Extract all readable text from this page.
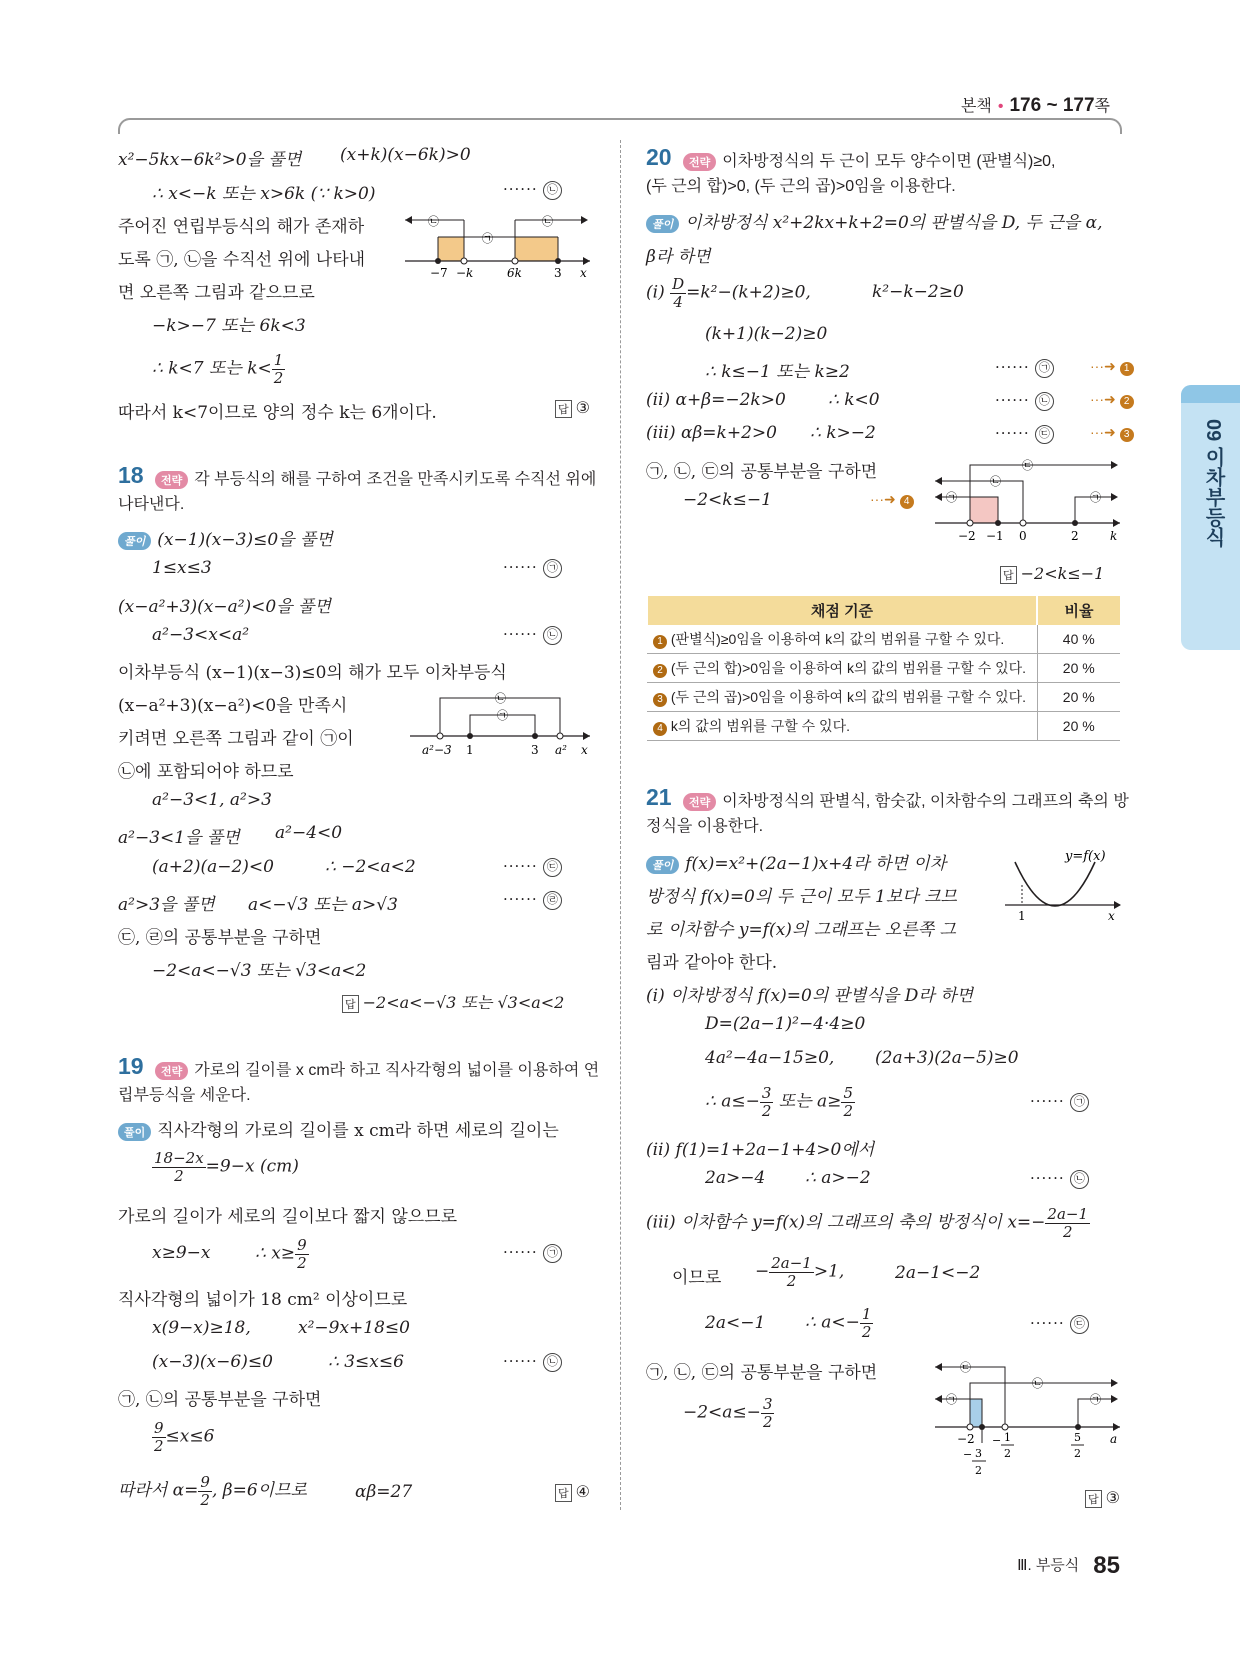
본책 • 176 ~ 177쪽
09 이차부등식
x²−5kx−6k²>0을 풀면 (x+k)(x−6k)>0
∴ x<−k 또는 x>6k (∵ k>0)	······ ㉡
주어진 연립부등식의 해가 존재하
도록 ㉠, ㉡을 수직선 위에 나타내
면 오른쪽 그림과 같으므로
−k>−7 또는 6k<3
∴ k<7 또는 $k< \frac{1}{2}$
따라서 k<7이므로 양의 정수 k는 6개이다.	답 ③
−7 −k	6k	3 x
㉡
㉠
㉡
18	전략 각 부등식의 해를 구하여 조건을 만족시키도록 수직선 위에
나타낸다.
풀이 (x−1)(x−3)≤0을 풀면
1≤x≤3	······ ㉠
(x−a²+3)(x−a²)<0을 풀면
a²−3<x<a²	······ ㉡
이차부등식 (x−1)(x−3)≤0의 해가 모두 이차부등식
(x−a²+3)(x−a²)<0을 만족시
키려면 오른쪽 그림과 같이 ㉠이
㉡에 포함되어야 하므로
a²−3<1, a²>3
a²−3<1을 풀면 a²−4<0
(a+2)(a−2)<0	∴ −2<a<2	······ ㉢
a²>3을 풀면 a<−√3 또는 a>√3	······ ㉣
㉢, ㉣의 공통부분을 구하면
−2<a<−√3 또는 √3<a<2
답 −2<a<−√3 또는 √3<a<2
a²−3 1	3 a² x
㉡
㉠
19	전략 가로의 길이를 x cm라 하고 직사각형의 넓이를 이용하여 연
립부등식을 세운다.
풀이 직사각형의 가로의 길이를 x cm라 하면 세로의 길이는
$\frac{18-2x}{2} =9-x$ (cm)
가로의 길이가 세로의 길이보다 짧지 않으므로
x≥9−x	∴ $x\ge \frac{9}{2}$	······ ㉠
직사각형의 넓이가 18 cm² 이상이므로
x(9−x)≥18,	x²−9x+18≤0
(x−3)(x−6)≤0	∴ 3≤x≤6	······ ㉡
㉠, ㉡의 공통부분을 구하면
$\frac{9}{2} \le x\le 6$
따라서 $\alpha= \frac{9}{2}$ , β=6이므로	αβ=27	답 ④
20	전략 이차방정식의 두 근이 모두 양수이면 (판별식)≥0,
(두 근의 합)>0, (두 근의 곱)>0임을 이용한다.
풀이 이차방정식 x²+2kx+k+2=0의 판별식을 D, 두 근을 α,
β라 하면
(ⅰ) $\frac{D}{4} =k^2-(k+2)\ge 0$,	k²−k−2≥0
(k+1)(k−2)≥0
∴ k≤−1 또는 k≥2	······ ㉠	···➜ 1
(ⅱ) α+β=−2k>0 ∴ k<0	······ ㉡	···➜ 2
(ⅲ) αβ=k+2>0 ∴ k>−2	······ ㉢	···➜ 3
㉠, ㉡, ㉢의 공통부분을 구하면
−2<k≤−1	···➜ 4
답 −2<k≤−1
−2 −1 0	2	k
㉢
㉡
㉠	㉠
채점 기준	비율
1 (판별식)≥0임을 이용하여 k의 값의 범위를 구할 수 있다.	40 %
2 (두 근의 합)>0임을 이용하여 k의 값의 범위를 구할 수 있다.	20 %
3 (두 근의 곱)>0임을 이용하여 k의 값의 범위를 구할 수 있다.	20 %
4 k의 값의 범위를 구할 수 있다.	20 %
21	전략 이차방정식의 판별식, 함숫값, 이차함수의 그래프의 축의 방
정식을 이용한다.
풀이 f(x)=x²+(2a−1)x+4라 하면 이차
방정식 f(x)=0의 두 근이 모두 1보다 크므
로 이차함수 y=f(x)의 그래프는 오른쪽 그
림과 같아야 한다.
(ⅰ) 이차방정식 f(x)=0의 판별식을 D라 하면
D=(2a−1)²−4·4≥0
4a²−4a−15≥0, (2a+3)(2a−5)≥0
∴ $a\le- \frac{3}{2}$ 또는 $a\ge \frac{5}{2}$	······ ㉠
(ⅱ) f(1)=1+2a−1+4>0에서
2a>−4 ∴ a>−2	······ ㉡
(ⅲ) 이차함수 y=f(x)의 그래프의 축의 방정식이 $x=- \frac{2a-1}{2}$
이므로 − $\frac{2a-1}{2} >1$,	2a−1<−2
2a<−1 ∴ $a<- \frac{1}{2}$	······ ㉢
㉠, ㉡, ㉢의 공통부분을 구하면
$-2<a\le- \frac{3}{2}$
답 ③
y=f(x)
1	x
−2
− 3
2
− 1
2
5
2
a
㉠
㉡
㉢
㉠
Ⅲ. 부등식 85
